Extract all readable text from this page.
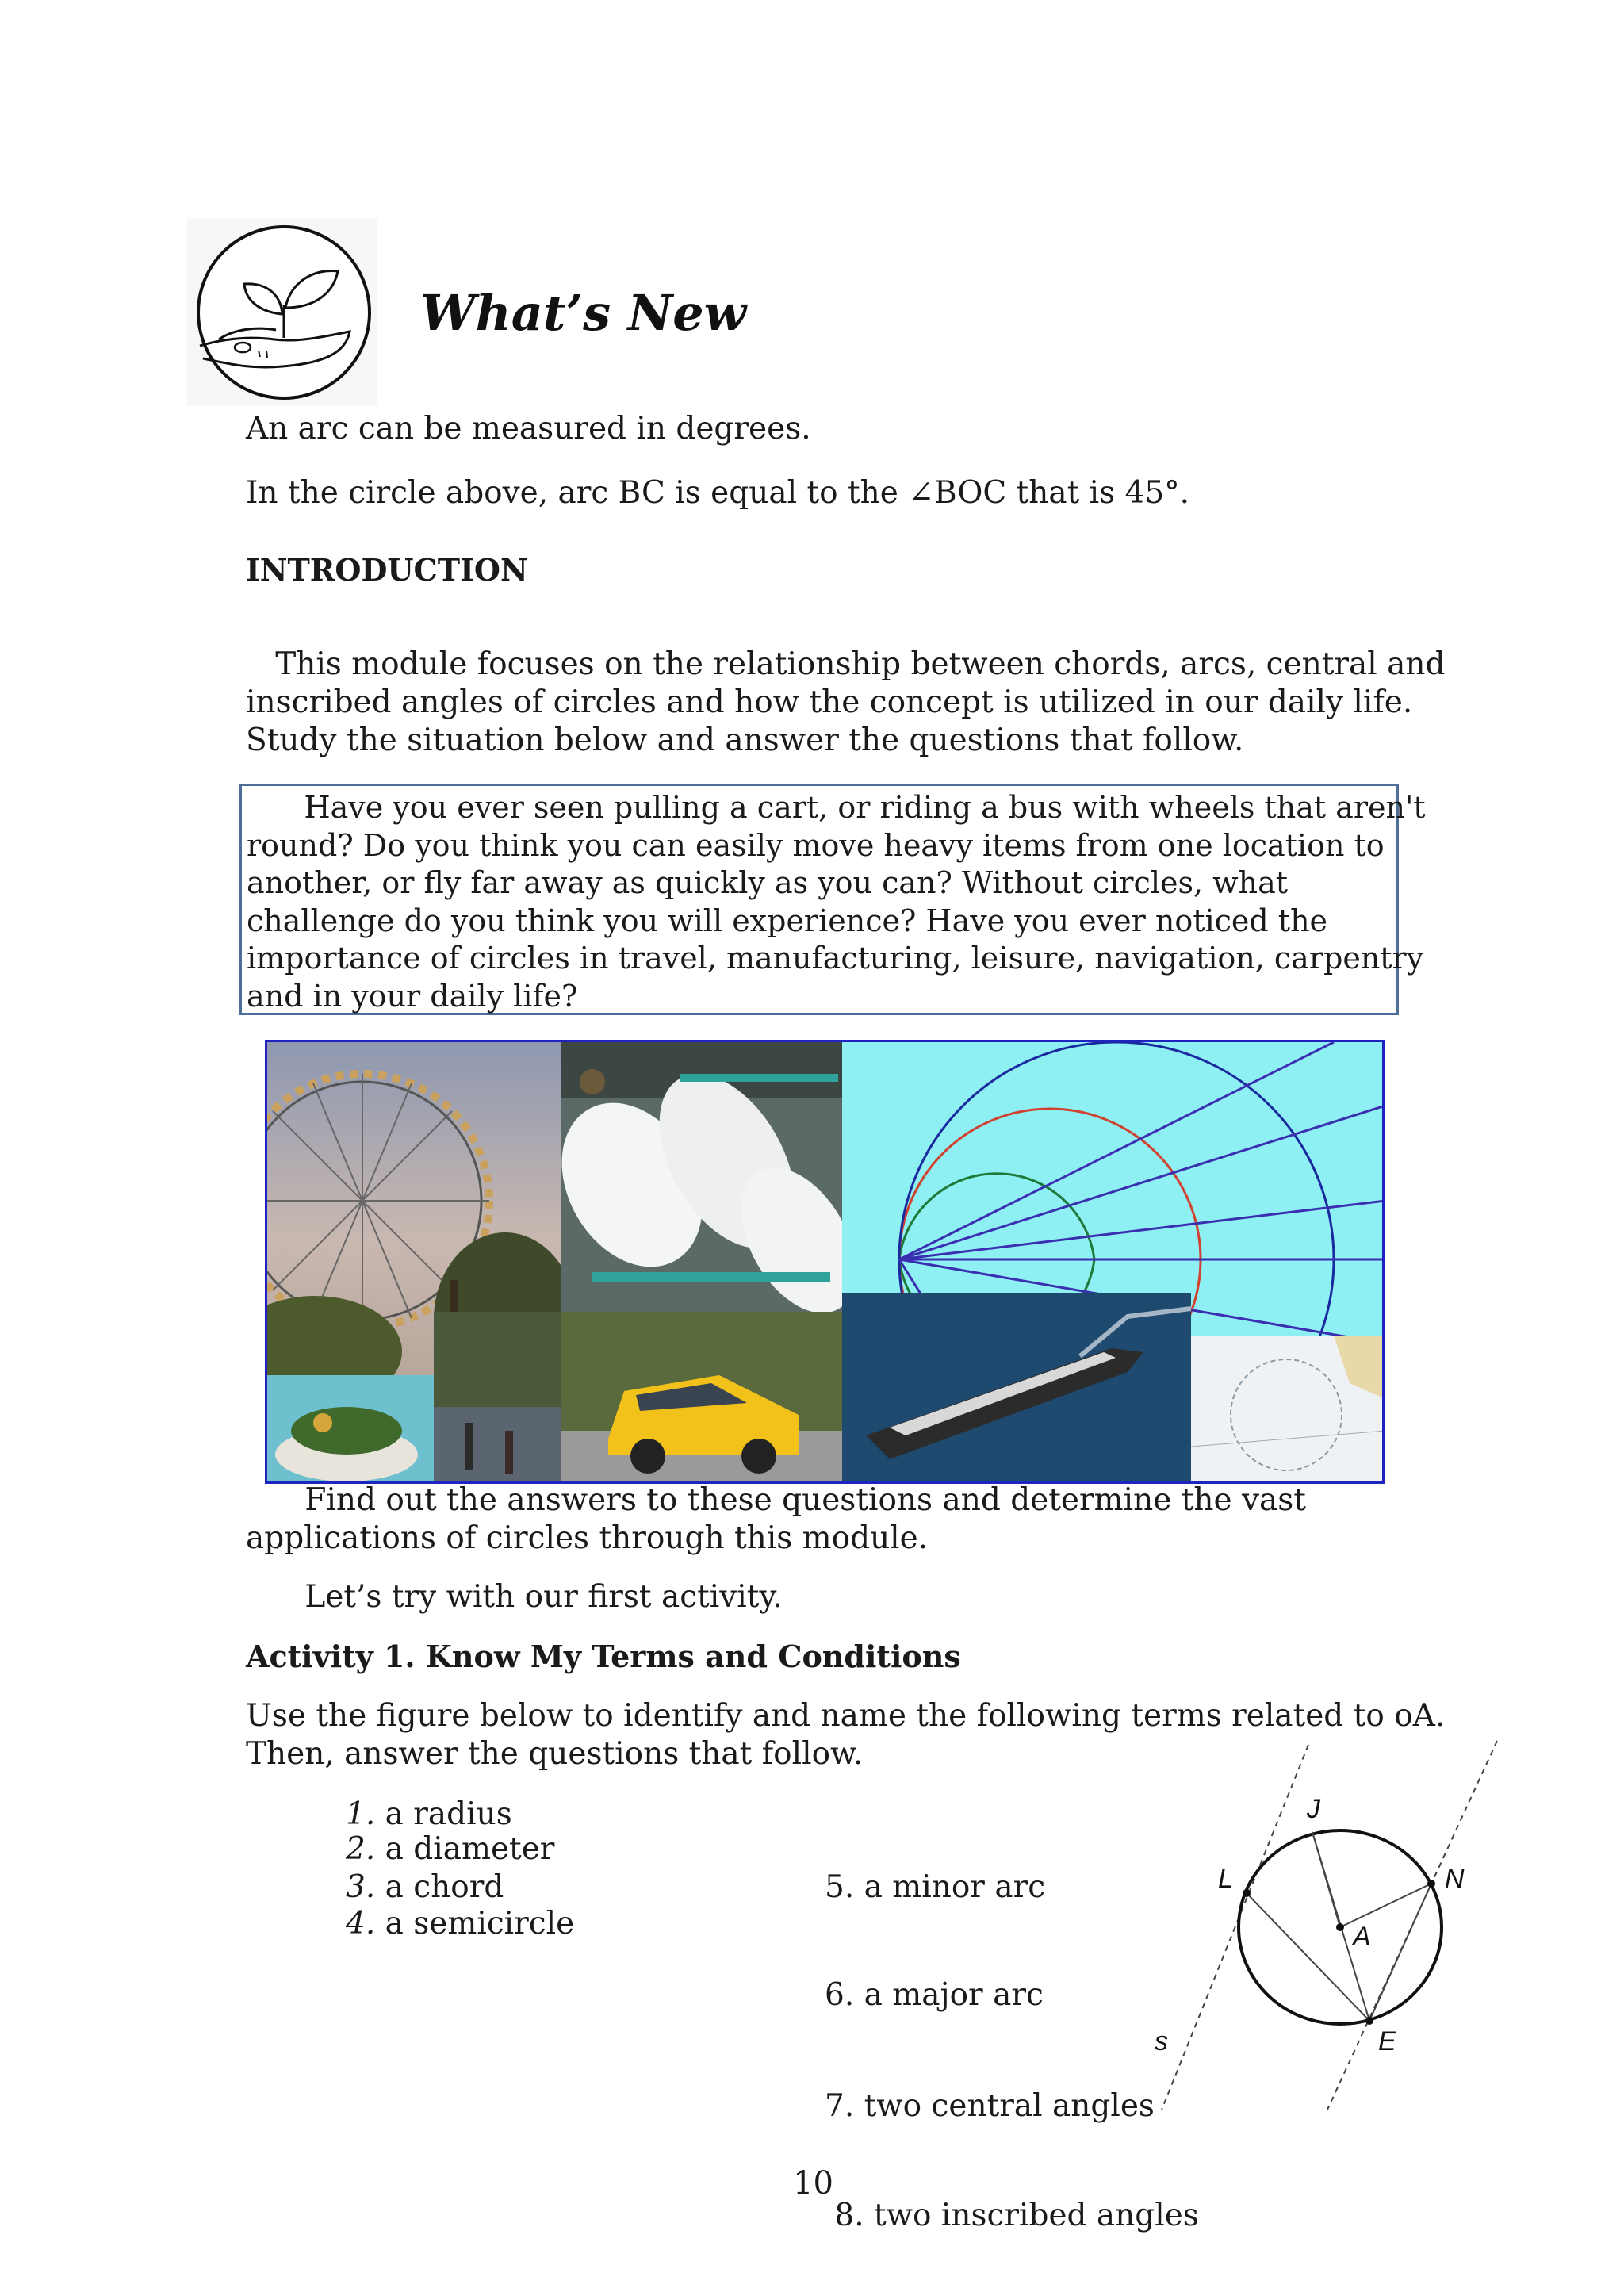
What’s New
An arc can be measured in degrees.
In the circle above, arc BC is equal to the ∠BOC that is 45°.
INTRODUCTION
This module focuses on the relationship between chords, arcs, central and
inscribed angles of circles and how the concept is utilized in our daily life.
Study the situation below and answer the questions that follow.
Have you ever seen pulling a cart, or riding a bus with wheels that aren't
round? Do you think you can easily move heavy items from one location to
another, or fly far away as quickly as you can? Without circles, what
challenge do you think you will experience? Have you ever noticed the
importance of circles in travel, manufacturing, leisure, navigation, carpentry
and in your daily life?
Find out the answers to these questions and determine the vast
applications of circles through this module.
Let’s try with our first activity.
Activity 1. Know My Terms and Conditions
Use the figure below to identify and name the following terms related to oA.
Then, answer the questions that follow.
1. a radius
2. a diameter
3. a chord
4. a semicircle

5. a minor arc

6. a major arc

7. two central angles

8. two inscribed angles

J
L	N
A
s	E
10
